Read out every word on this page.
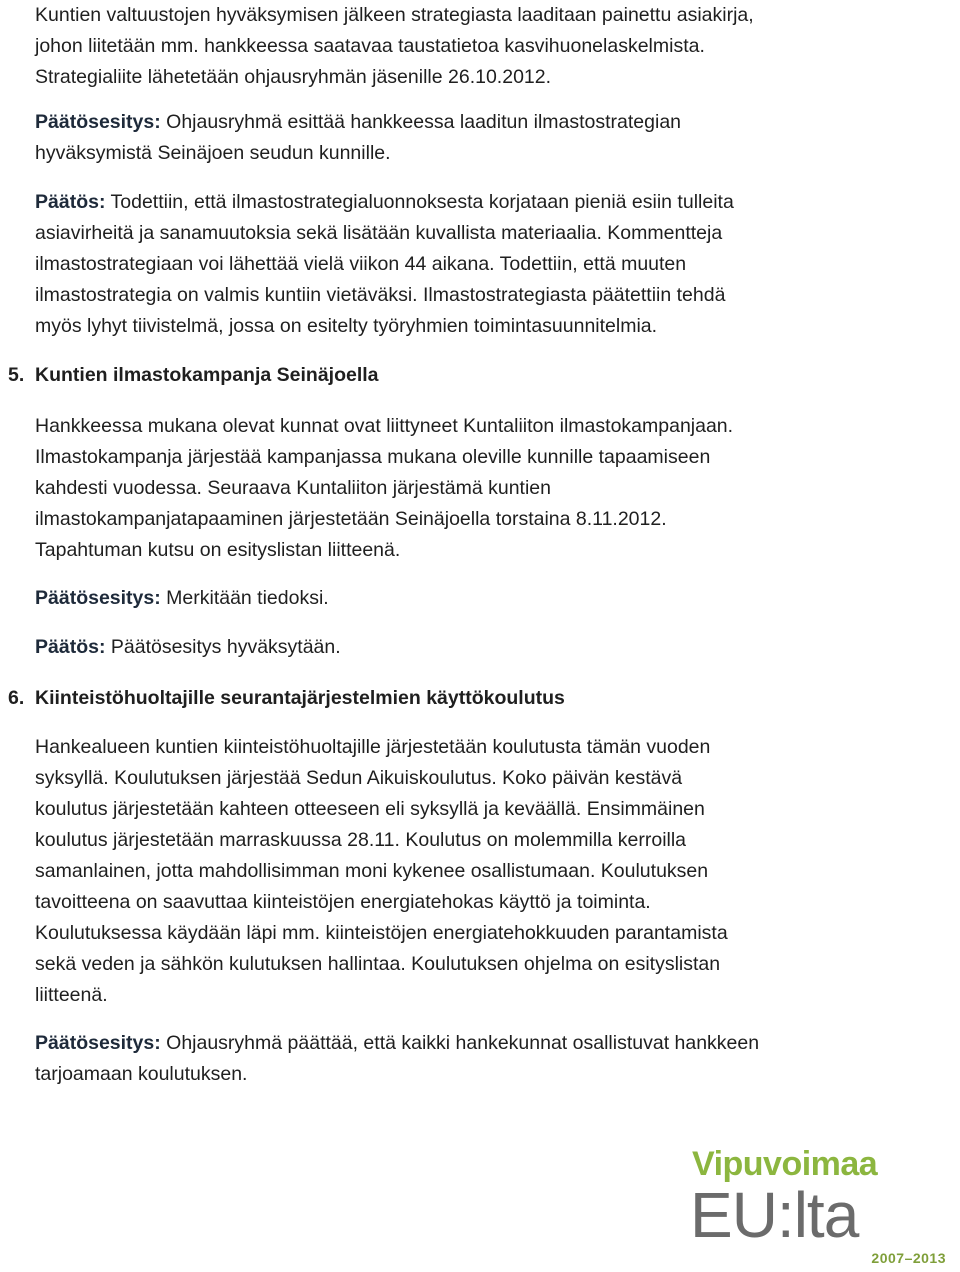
Kuntien valtuustojen hyväksymisen jälkeen strategiasta laaditaan painettu asiakirja,

johon liitetään mm. hankkeessa saatavaa taustatietoa kasvihuonelaskelmista.

Strategialiite lähetetään ohjausryhmän jäsenille 26.10.2012.

Päätösesitys: Ohjausryhmä esittää hankkeessa laaditun ilmastostrategian

hyväksymistä Seinäjoen seudun kunnille.

Päätös: Todettiin, että ilmastostrategialuonnoksesta korjataan pieniä esiin tulleita

asiavirheitä ja sanamuutoksia sekä lisätään kuvallista materiaalia. Kommentteja

ilmastostrategiaan voi lähettää vielä viikon 44 aikana. Todettiin, että muuten

ilmastostrategia on valmis kuntiin vietäväksi. Ilmastostrategiasta päätettiin tehdä

myös lyhyt tiivistelmä, jossa on esitelty työryhmien toimintasuunnitelmia.

5. Kuntien ilmastokampanja Seinäjoella

Hankkeessa mukana olevat kunnat ovat liittyneet Kuntaliiton ilmastokampanjaan.

Ilmastokampanja järjestää kampanjassa mukana oleville kunnille tapaamiseen

kahdesti vuodessa. Seuraava Kuntaliiton järjestämä kuntien

ilmastokampanjatapaaminen järjestetään Seinäjoella torstaina 8.11.2012.

Tapahtuman kutsu on esityslistan liitteenä.

Päätösesitys: Merkitään tiedoksi.

Päätös: Päätösesitys hyväksytään.

6. Kiinteistöhuoltajille seurantajärjestelmien käyttökoulutus

Hankealueen kuntien kiinteistöhuoltajille järjestetään koulutusta tämän vuoden

syksyllä. Koulutuksen järjestää Sedun Aikuiskoulutus. Koko päivän kestävä

koulutus järjestetään kahteen otteeseen eli syksyllä ja keväällä. Ensimmäinen

koulutus järjestetään marraskuussa 28.11. Koulutus on molemmilla kerroilla

samanlainen, jotta mahdollisimman moni kykenee osallistumaan. Koulutuksen

tavoitteena on saavuttaa kiinteistöjen energiatehokas käyttö ja toiminta.

Koulutuksessa käydään läpi mm. kiinteistöjen energiatehokkuuden parantamista

sekä veden ja sähkön kulutuksen hallintaa. Koulutuksen ohjelma on esityslistan

liitteenä.

Päätösesitys: Ohjausryhmä päättää, että kaikki hankekunnat osallistuvat hankkeen

tarjoamaan koulutuksen.

Vipuvoimaa
EU:lta
2007–2013
